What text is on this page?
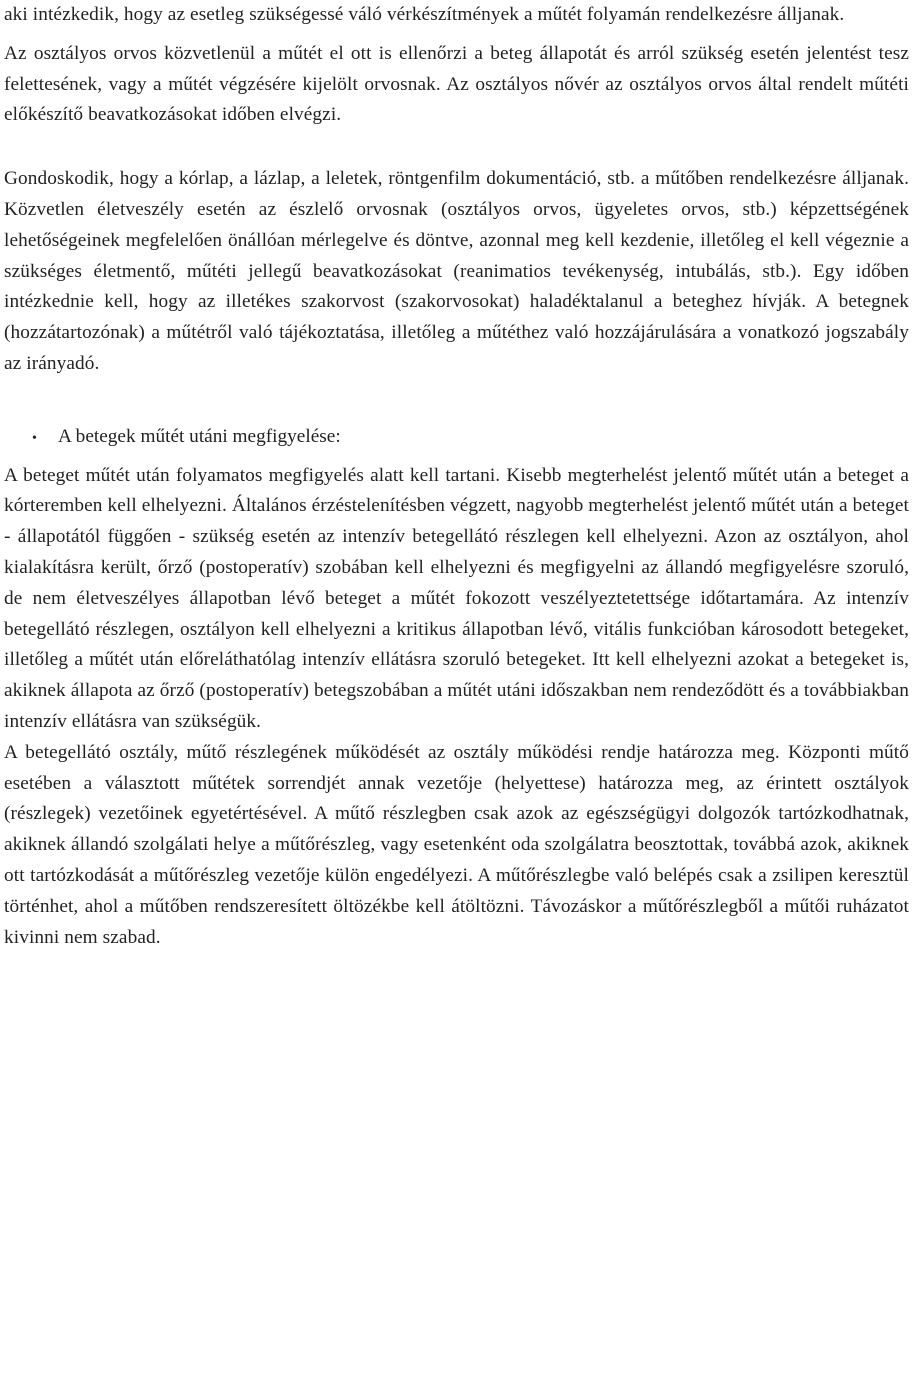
aki intézkedik, hogy az esetleg szükségessé váló vérkészítmények a műtét folyamán rendelkezésre álljanak.

Az osztályos orvos közvetlenül a műtét el ott is ellenőrzi a beteg állapotát és arról szükség esetén jelentést tesz felettesének, vagy a műtét végzésére kijelölt orvosnak. Az osztályos nővér az osztályos orvos által rendelt műtéti előkészítő beavatkozásokat időben elvégzi.

Gondoskodik, hogy a kórlap, a lázlap, a leletek, röntgenfilm dokumentáció, stb. a műtőben rendelkezésre álljanak. Közvetlen életveszély esetén az észlelő orvosnak (osztályos orvos, ügyeletes orvos, stb.) képzettségének lehetőségeinek megfelelően önállóan mérlegelve és döntve, azonnal meg kell kezdenie, illetőleg el kell végeznie a szükséges életmentő, műtéti jellegű beavatkozásokat (reanimatios tevékenység, intubálás, stb.). Egy időben intézkednie kell, hogy az illetékes szakorvost (szakorvosokat) haladéktalanul a beteghez hívják. A betegnek (hozzátartozónak) a műtétről való tájékoztatása, illetőleg a műtéthez való hozzájárulására a vonatkozó jogszabály az irányadó.

•	A betegek műtét utáni megfigyelése:

A beteget műtét után folyamatos megfigyelés alatt kell tartani. Kisebb megterhelést jelentő műtét után a beteget a kórteremben kell elhelyezni. Általános érzéstelenítésben végzett, nagyobb megterhelést jelentő műtét után a beteget - állapotától függően - szükség esetén az intenzív betegellátó részlegen kell elhelyezni. Azon az osztályon, ahol kialakításra került, őrző (postoperatív) szobában kell elhelyezni és megfigyelni az állandó megfigyelésre szoruló, de nem életveszélyes állapotban lévő beteget a műtét fokozott veszélyeztetettsége időtartamára. Az intenzív betegellátó részlegen, osztályon kell elhelyezni a kritikus állapotban lévő, vitális funkcióban károsodott betegeket, illetőleg a műtét után előreláthatólag intenzív ellátásra szoruló betegeket. Itt kell elhelyezni azokat a betegeket is, akiknek állapota az őrző (postoperatív) betegszobában a műtét utáni időszakban nem rendeződött és a továbbiakban intenzív ellátásra van szükségük.

A betegellátó osztály, műtő részlegének működését az osztály működési rendje határozza meg. Központi műtő esetében a választott műtétek sorrendjét annak vezetője (helyettese) határozza meg, az érintett osztályok (részlegek) vezetőinek egyetértésével. A műtő részlegben csak azok az egészségügyi dolgozók tartózkodhatnak, akiknek állandó szolgálati helye a műtőrészleg, vagy esetenként oda szolgálatra beosztottak, továbbá azok, akiknek ott tartózkodását a műtőrészleg vezetője külön engedélyezi. A műtőrészlegbe való belépés csak a zsilipen keresztül történhet, ahol a műtőben rendszeresített öltözékbe kell átöltözni. Távozáskor a műtőrészlegből a műtői ruházatot kivinni nem szabad.
